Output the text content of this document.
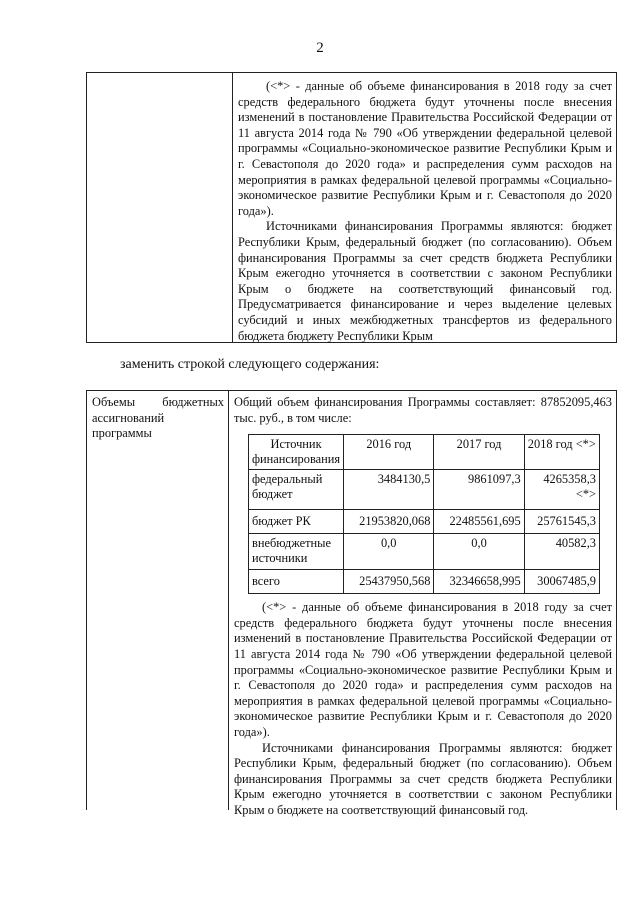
2

(<*> - данные об объеме финансирования в 2018 году за счет средств федерального бюджета будут уточнены после внесения изменений в постановление Правительства Российской Федерации от 11 августа 2014 года № 790 «Об утверждении федеральной целевой программы «Социально-экономическое развитие Республики Крым и г. Севастополя до 2020 года» и распределения сумм расходов на мероприятия в рамках федеральной целевой программы «Социально-экономическое развитие Республики Крым и г. Севастополя до 2020 года»).

Источниками финансирования Программы являются: бюджет Республики Крым, федеральный бюджет (по согласованию). Объем финансирования Программы за счет средств бюджета Республики Крым ежегодно уточняется в соответствии с законом Республики Крым о бюджете на соответствующий финансовый год. Предусматривается финансирование и через выделение целевых субсидий и иных межбюджетных трансфертов из федерального бюджета бюджету Республики Крым

заменить строкой следующего содержания:
Объемы бюджетных ассигнований программы

Общий объем финансирования Программы составляет: 87852095,463 тыс. руб., в том числе:

Источник финансирования	2016 год	2017 год	2018 год <*>
федеральный бюджет	3484130,5	9861097,3	4265358,3 <*>
бюджет РК	21953820,068	22485561,695	25761545,3
внебюджетные источники	0,0	0,0	40582,3
всего	25437950,568	32346658,995	30067485,9

(<*> - данные об объеме финансирования в 2018 году за счет средств федерального бюджета будут уточнены после внесения изменений в постановление Правительства Российской Федерации от 11 августа 2014 года № 790 «Об утверждении федеральной целевой программы «Социально-экономическое развитие Республики Крым и г. Севастополя до 2020 года» и распределения сумм расходов на мероприятия в рамках федеральной целевой программы «Социально-экономическое развитие Республики Крым и г. Севастополя до 2020 года»).

Источниками финансирования Программы являются: бюджет Республики Крым, федеральный бюджет (по согласованию). Объем финансирования Программы за счет средств бюджета Республики Крым ежегодно уточняется в соответствии с законом Республики Крым о бюджете на соответствующий финансовый год.
